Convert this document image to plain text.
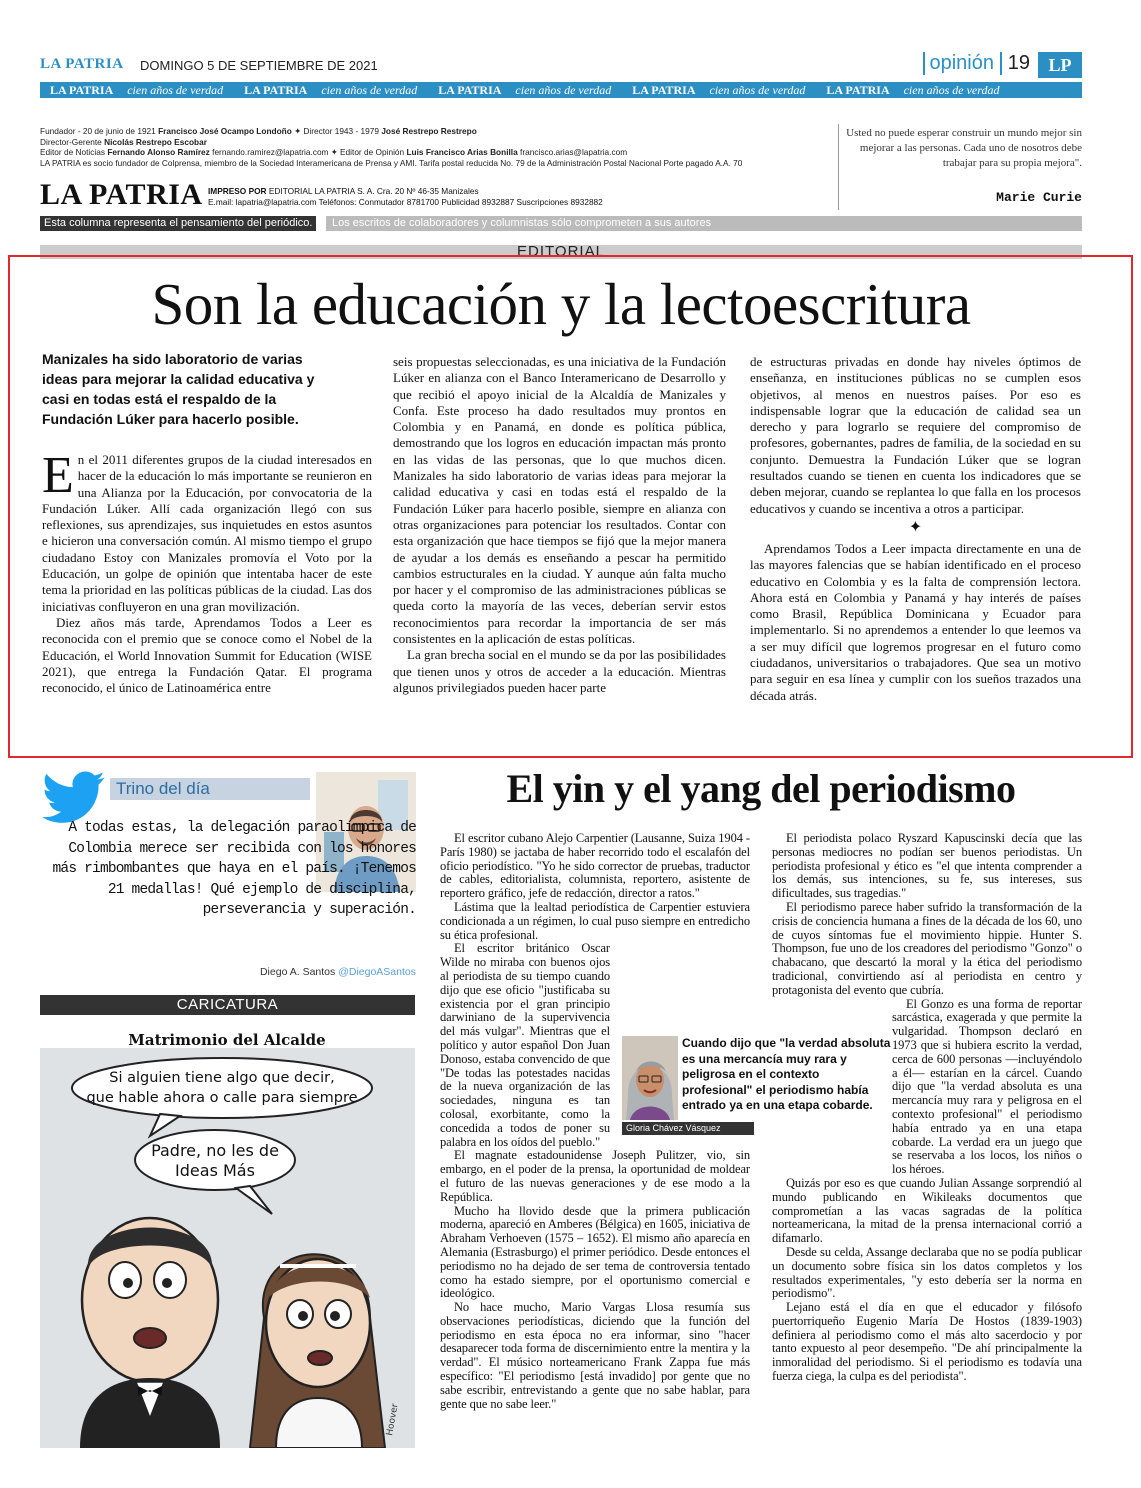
LA PATRIA DOMINGO 5 DE SEPTIEMBRE DE 2021	opinión 19	LP
LA PATRIA cien años de verdad LA PATRIA cien años de verdad LA PATRIA cien años de verdad LA PATRIA cien años de verdad LA PATRIA cien años de verdad
Fundador - 20 de junio de 1921 Francisco José Ocampo Londoño ✦ Director 1943 - 1979 José Restrepo Restrepo
Director-Gerente Nicolás Restrepo Escobar
Editor de Noticias Fernando Alonso Ramírez fernando.ramirez@lapatria.com ✦ Editor de Opinión Luis Francisco Arias Bonilla francisco.arias@lapatria.com
LA PATRIA es socio fundador de Colprensa, miembro de la Sociedad Interamericana de Prensa y AMI. Tarifa postal reducida No. 79 de la Administración Postal Nacional Porte pagado A.A. 70
Usted no puede esperar construir un mundo mejor sin mejorar a las personas. Cada uno de nosotros debe trabajar para su propia mejora".
Marie Curie
LA PATRIA IMPRESO POR EDITORIAL LA PATRIA S. A. Cra. 20 Nº 46-35 Manizales
E.mail: lapatria@lapatria.com Teléfonos: Conmutador 8781700 Publicidad 8932887 Suscripciones 8932882
Esta columna representa el pensamiento del periódico.	Los escritos de colaboradores y columnistas sólo comprometen a sus autores
EDITORIAL
Son la educación y la lectoescritura
Manizales ha sido laboratorio de varias ideas para mejorar la calidad educativa y casi en todas está el respaldo de la Fundación Lúker para hacerlo posible.

En el 2011 diferentes grupos de la ciudad interesados en hacer de la educación lo más importante se reunieron en una Alianza por la Educación, por convocatoria de la Fundación Lúker. Allí cada organización llegó con sus reflexiones, sus aprendizajes, sus inquietudes en estos asuntos e hicieron una conversación común. Al mismo tiempo el grupo ciudadano Estoy con Manizales promovía el Voto por la Educación, un golpe de opinión que intentaba hacer de este tema la prioridad en las políticas públicas de la ciudad. Las dos iniciativas confluyeron en una gran movilización.

Diez años más tarde, Aprendamos Todos a Leer es reconocida con el premio que se conoce como el Nobel de la Educación, el World Innovation Summit for Education (WISE 2021), que entrega la Fundación Qatar. El programa reconocido, el único de Latinoamérica entre

seis propuestas seleccionadas, es una iniciativa de la Fundación Lúker en alianza con el Banco Interamericano de Desarrollo y que recibió el apoyo inicial de la Alcaldía de Manizales y Confa. Este proceso ha dado resultados muy prontos en Colombia y en Panamá, en donde es política pública, demostrando que los logros en educación impactan más pronto en las vidas de las personas, que lo que muchos dicen. Manizales ha sido laboratorio de varias ideas para mejorar la calidad educativa y casi en todas está el respaldo de la Fundación Lúker para hacerlo posible, siempre en alianza con otras organizaciones para potenciar los resultados. Contar con esta organización que hace tiempos se fijó que la mejor manera de ayudar a los demás es enseñando a pescar ha permitido cambios estructurales en la ciudad. Y aunque aún falta mucho por hacer y el compromiso de las administraciones públicas se queda corto la mayoría de las veces, deberían servir estos reconocimientos para recordar la importancia de ser más consistentes en la aplicación de estas políticas.

La gran brecha social en el mundo se da por las posibilidades que tienen unos y otros de acceder a la educación. Mientras algunos privilegiados pueden hacer parte

de estructuras privadas en donde hay niveles óptimos de enseñanza, en instituciones públicas no se cumplen esos objetivos, al menos en nuestros países. Por eso es indispensable lograr que la educación de calidad sea un derecho y para lograrlo se requiere del compromiso de profesores, gobernantes, padres de familia, de la sociedad en su conjunto. Demuestra la Fundación Lúker que se logran resultados cuando se tienen en cuenta los indicadores que se deben mejorar, cuando se replantea lo que falla en los procesos educativos y cuando se incentiva a otros a participar.

✦

Aprendamos Todos a Leer impacta directamente en una de las mayores falencias que se habían identificado en el proceso educativo en Colombia y es la falta de comprensión lectora. Ahora está en Colombia y Panamá y hay interés de países como Brasil, República Dominicana y Ecuador para implementarlo. Si no aprendemos a entender lo que leemos va a ser muy difícil que logremos progresar en el futuro como ciudadanos, universitarios o trabajadores. Que sea un motivo para seguir en esa línea y cumplir con los sueños trazados una década atrás.

Trino del día
A todas estas, la delegación paraolímpica de Colombia merece ser recibida con los honores más rimbombantes que haya en el país. ¡Tenemos 21 medallas! Qué ejemplo de disciplina, perseverancia y superación.
Diego A. Santos @DiegoASantos
CARICATURA
Matrimonio del Alcalde
Si alguien tiene algo que decir,
que hable ahora o calle para siempre
Padre, no les de
Ideas Más
Hoover
El yin y el yang del periodismo

El escritor cubano Alejo Carpentier (Lausanne, Suiza 1904 - París 1980) se jactaba de haber recorrido todo el escalafón del oficio periodístico. "Yo he sido corrector de pruebas, traductor de cables, editorialista, columnista, reportero, asistente de reportero gráfico, jefe de redacción, director a ratos."

Lástima que la lealtad periodística de Carpentier estuviera condicionada a un régimen, lo cual puso siempre en entredicho su ética profesional.

El escritor británico Oscar Wilde no miraba con buenos ojos al periodista de su tiempo cuando dijo que ese oficio "justificaba su existencia por el gran principio darwiniano de la supervivencia del más vulgar". Mientras que el político y autor español Don Juan Donoso, estaba convencido de que "De todas las potestades nacidas de la nueva organización de las sociedades, ninguna es tan colosal, exorbitante, como la concedida a todos de poner su palabra en los oídos del pueblo."

El magnate estadounidense Joseph Pulitzer, vio, sin embargo, en el poder de la prensa, la oportunidad de moldear el futuro de las nuevas generaciones y de ese modo a la República.

Mucho ha llovido desde que la primera publicación moderna, apareció en Amberes (Bélgica) en 1605, iniciativa de Abraham Verhoeven (1575 – 1652). El mismo año aparecía en Alemania (Estrasburgo) el primer periódico. Desde entonces el periodismo no ha dejado de ser tema de controversia tentado como ha estado siempre, por el oportunismo comercial e ideológico.

No hace mucho, Mario Vargas Llosa resumía sus observaciones periodísticas, diciendo que la función del periodismo en esta época no era informar, sino "hacer desaparecer toda forma de discernimiento entre la mentira y la verdad". El músico norteamericano Frank Zappa fue más específico: "El periodismo [está invadido] por gente que no sabe escribir, entrevistando a gente que no sabe hablar, para gente que no sabe leer."

El periodista polaco Ryszard Kapuscinski decía que las personas mediocres no podían ser buenos periodistas. Un periodista profesional y ético es "el que intenta comprender a los demás, sus intenciones, su fe, sus intereses, sus dificultades, sus tragedias."

El periodismo parece haber sufrido la transformación de la crisis de conciencia humana a fines de la década de los 60, uno de cuyos síntomas fue el movimiento hippie. Hunter S. Thompson, fue uno de los creadores del periodismo "Gonzo" o chabacano, que descartó la moral y la ética del periodismo tradicional, convirtiendo así al periodista en centro y protagonista del evento que cubría.

El Gonzo es una forma de reportar sarcástica, exagerada y que permite la vulgaridad. Thompson declaró en 1973 que si hubiera escrito la verdad, cerca de 600 personas —incluyéndolo a él— estarían en la cárcel. Cuando dijo que "la verdad absoluta es una mercancía muy rara y peligrosa en el contexto profesional" el periodismo había entrado ya en una etapa cobarde. La verdad era un juego que se reservaba a los locos, los niños o los héroes.

Quizás por eso es que cuando Julian Assange sorprendió al mundo publicando en Wikileaks documentos que comprometían a las vacas sagradas de la política norteamericana, la mitad de la prensa internacional corrió a difamarlo.

Desde su celda, Assange declaraba que no se podía publicar un documento sobre física sin los datos completos y los resultados experimentales, "y esto debería ser la norma en periodismo".

Lejano está el día en que el educador y filósofo puertorriqueño Eugenio María De Hostos (1839-1903) definiera al periodismo como el más alto sacerdocio y por tanto expuesto al peor desempeño. "De ahí principalmente la inmoralidad del periodismo. Si el periodismo es todavía una fuerza ciega, la culpa es del periodista".

Cuando dijo que "la verdad absoluta es una mercancía muy rara y peligrosa en el contexto profesional" el periodismo había entrado ya en una etapa cobarde.
Gloria Chávez Vásquez
